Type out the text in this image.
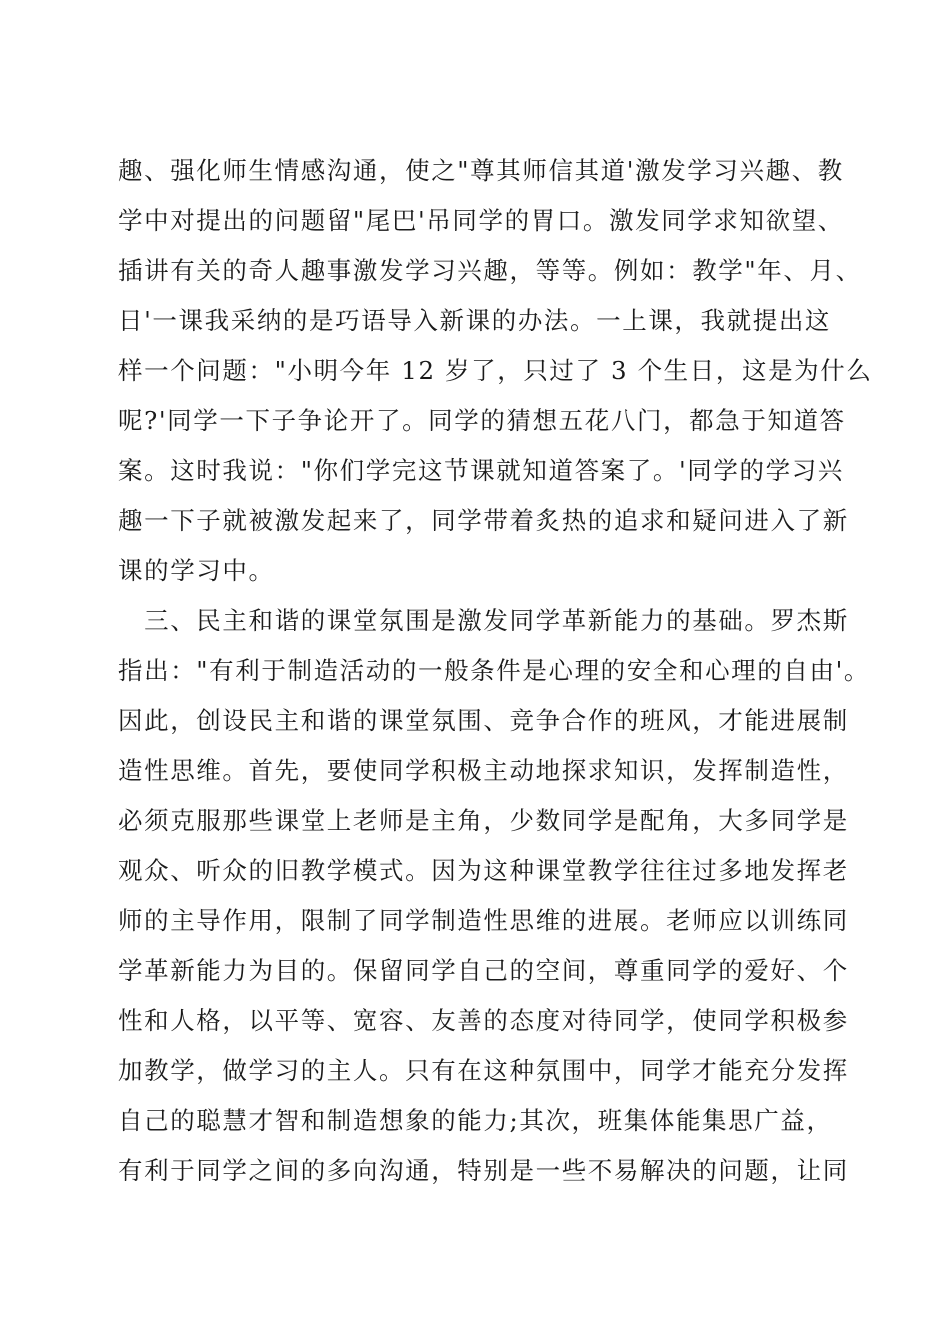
趣、强化师生情感沟通，使之"尊其师信其道'激发学习兴趣、教
学中对提出的问题留"尾巴'吊同学的胃口。激发同学求知欲望、
插讲有关的奇人趣事激发学习兴趣，等等。例如：教学"年、月、
日'一课我采纳的是巧语导入新课的办法。一上课，我就提出这
样一个问题："小明今年 12 岁了，只过了 3 个生日，这是为什么
呢?'同学一下子争论开了。同学的猜想五花八门，都急于知道答
案。这时我说："你们学完这节课就知道答案了。'同学的学习兴
趣一下子就被激发起来了，同学带着炙热的追求和疑问进入了新
课的学习中。
　三、民主和谐的课堂氛围是激发同学革新能力的基础。罗杰斯
指出："有利于制造活动的一般条件是心理的安全和心理的自由'。
因此，创设民主和谐的课堂氛围、竞争合作的班风，才能进展制
造性思维。首先，要使同学积极主动地探求知识，发挥制造性，
必须克服那些课堂上老师是主角，少数同学是配角，大多同学是
观众、听众的旧教学模式。因为这种课堂教学往往过多地发挥老
师的主导作用，限制了同学制造性思维的进展。老师应以训练同
学革新能力为目的。保留同学自己的空间，尊重同学的爱好、个
性和人格，以平等、宽容、友善的态度对待同学，使同学积极参
加教学，做学习的主人。只有在这种氛围中，同学才能充分发挥
自己的聪慧才智和制造想象的能力;其次，班集体能集思广益，
有利于同学之间的多向沟通，特别是一些不易解决的问题，让同
